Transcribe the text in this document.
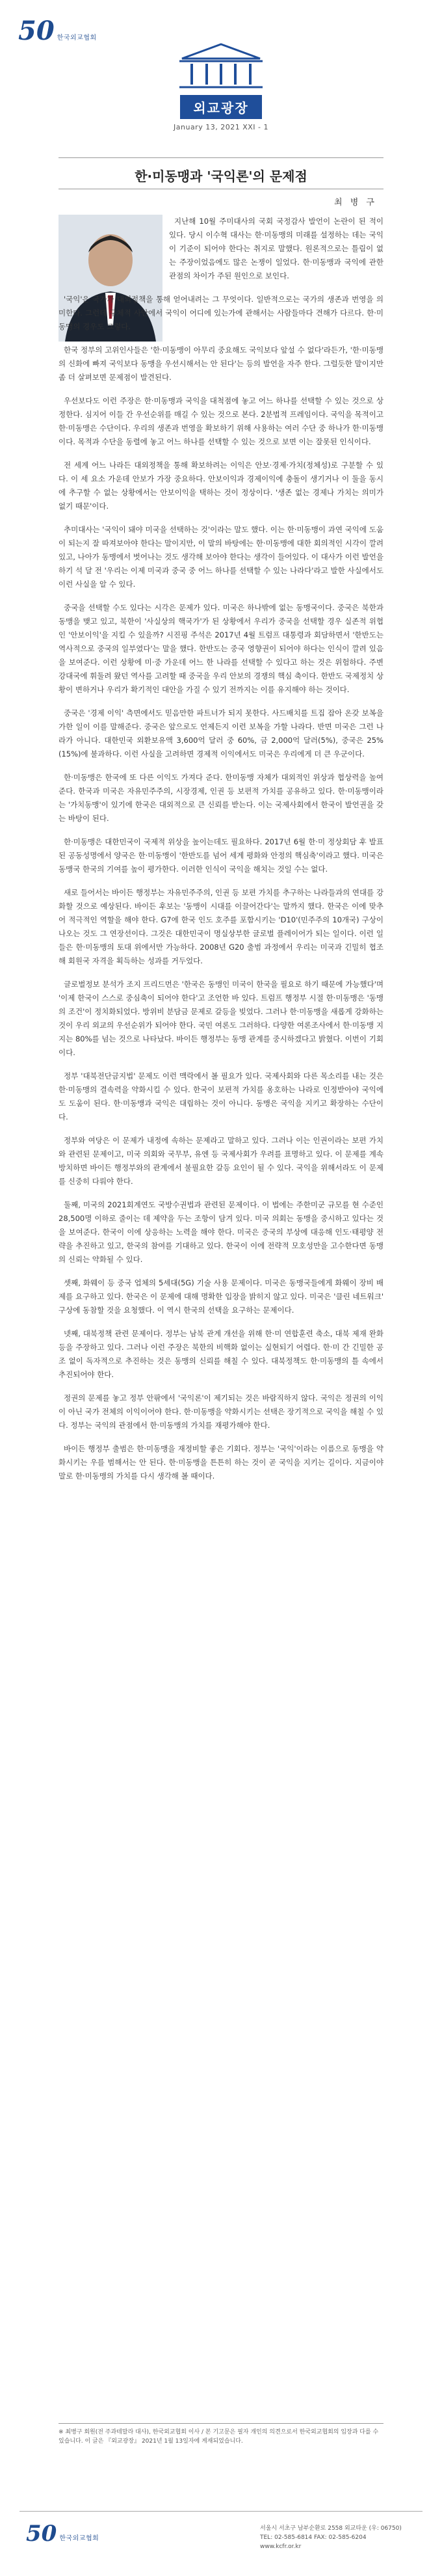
50 한국외교협회
외교광장
January 13, 2021 XXI - 1
한·미동맹과 '국익론'의 문제점
최 병 구

지난해 10월 주미대사의 국회 국정감사 발언이 논란이 된 적이 있다. 당시 이수혁 대사는 한·미동맹의 미래를 설정하는 데는 국익이 기준이 되어야 한다는 취지로 말했다. 원론적으로는 틀림이 없는 주장이었음에도 많은 논쟁이 일었다. 한·미동맹과 국익에 관한 관점의 차이가 주된 원인으로 보인다.

'국익'은 국가가 대외정책을 통해 얻어내려는 그 무엇이다. 일반적으로는 국가의 생존과 번영을 의미한다. 그런데 구체적 사안에서 국익이 어디에 있는가에 관해서는 사람들마다 견해가 다르다. 한·미동맹의 경우도 그렇다.

한국 정부의 고위인사들은 '한·미동맹이 아무리 중요해도 국익보다 앞설 수 없다'라든가, '한·미동맹의 신화에 빠져 국익보다 동맹을 우선시해서는 안 된다'는 등의 발언을 자주 한다. 그럴듯한 말이지만 좀 더 살펴보면 문제점이 발견된다.

우선보다도 이런 주장은 한·미동맹과 국익을 대척점에 놓고 어느 하나를 선택할 수 있는 것으로 상정한다. 심지어 이들 간 우선순위를 매길 수 있는 것으로 본다. 2분법적 프레임이다. 국익을 목적이고 한·미동맹은 수단이다. 우리의 생존과 번영을 확보하기 위해 사용하는 여러 수단 중 하나가 한·미동맹이다. 목적과 수단을 동렬에 놓고 어느 하나를 선택할 수 있는 것으로 보면 이는 잘못된 인식이다.

전 세계 어느 나라든 대외정책을 통해 확보하려는 이익은 안보·경제·가치(정체성)로 구분할 수 있다. 이 세 요소 가운데 안보가 가장 중요하다. 안보이익과 경제이익에 충돌이 생기거나 이 둘을 동시에 추구할 수 없는 상황에서는 안보이익을 택하는 것이 정상이다. '생존 없는 경제나 가치는 의미가 없기 때문'이다.

추미대사는 '국익이 돼야 미국을 선택하는 것'이라는 말도 했다. 이는 한·미동맹이 과연 국익에 도움이 되는지 잘 따져보아야 한다는 말이지만, 이 말의 바탕에는 한·미동맹에 대한 회의적인 시각이 깔려 있고, 나아가 동맹에서 벗어나는 것도 생각해 보아야 한다는 생각이 들어있다. 이 대사가 이런 발언을 하기 석 달 전 '우리는 이제 미국과 중국 중 어느 하나를 선택할 수 있는 나라다'라고 발한 사실에서도 이런 사실을 알 수 있다.

중국을 선택할 수도 있다는 시각은 문제가 있다. 미국은 하나밖에 없는 동맹국이다. 중국은 북한과 동맹을 맺고 있고, 북한이 '사실상의 핵국가'가 된 상황에서 우리가 중국을 선택할 경우 실존적 위협인 '안보이익'을 지킬 수 있을까? 시진핑 주석은 2017년 4월 트럼프 대통령과 회담하면서 '한반도는 역사적으로 중국의 일부였다'는 말을 했다. 한반도는 중국 영향권이 되어야 하다는 인식이 깔려 있음을 보여준다. 이런 상황에 미·중 가운데 어느 한 나라를 선택할 수 있다고 하는 것은 위험하다. 주변 강대국에 휘둘려 왔던 역사를 고려할 때 중국을 우리 안보의 경쟁의 핵심 축이다. 한반도 국제정치 상황이 변하거나 우리가 확기적인 대안을 가질 수 있기 전까지는 이를 유지해야 하는 것이다.

중국은 '경제 이익' 측면에서도 믿음만한 파트너가 되지 못한다. 사드배치를 트집 잡아 온갖 보복을 가한 일이 이를 말해준다. 중국은 앞으로도 언제든지 이런 보복을 가할 나라다. 반면 미국은 그런 나라가 아니다. 대한민국 외환보유액 3,600억 달러 중 60%, 금 2,000억 달러(5%), 중국은 25% (15%)에 불과하다. 이런 사실을 고려하면 경제적 이익에서도 미국은 우리에게 더 큰 우군이다.

한·미동맹은 한국에 또 다른 이익도 가져다 준다. 한미동맹 자체가 대외적인 위상과 협상력을 높여준다. 한국과 미국은 자유민주주의, 시장경제, 인권 등 보편적 가치를 공유하고 있다. 한·미동맹이라는 '가치동맹'이 있기에 한국은 대외적으로 큰 신뢰를 받는다. 이는 국제사회에서 한국이 발언권을 갖는 바탕이 된다.

한·미동맹은 대한민국이 국제적 위상을 높이는데도 필요하다. 2017년 6월 한·미 정상회담 후 발표된 공동성명에서 양국은 한·미동맹이 '한반도를 넘어 세계 평화와 안정의 핵심축'이라고 했다. 미국은 동맹국 한국의 기여를 높이 평가한다. 이러한 인식이 국익을 해치는 것일 수는 없다.

새로 들어서는 바이든 행정부는 자유민주주의, 인권 등 보편 가치를 추구하는 나라들과의 연대를 강화할 것으로 예상된다. 바이든 후보는 '동맹이 시대를 이끌어간다'는 말까지 했다. 한국은 이에 맞추어 적극적인 역할을 해야 한다. G7에 한국 인도 호주를 포함시키는 'D10'(민주주의 10개국) 구상이 나오는 것도 그 연장선이다. 그것은 대한민국이 명실상부한 글로벌 플레이어가 되는 일이다. 이런 일들은 한·미동맹의 토대 위에서만 가능하다. 2008년 G20 출범 과정에서 우리는 미국과 긴밀히 협조해 회원국 자격을 획득하는 성과를 거두었다.

글로벌정보 분석가 조지 프리드먼은 '한국은 동맹인 미국이 한국을 필요로 하기 때문에 가능했다'며 '이제 한국이 스스로 중심축이 되어야 한다'고 조언한 바 있다. 트럼프 행정부 시절 한·미동맹은 '동맹의 조건'이 정치화되었다. 방위비 분담금 문제로 갈등을 빚었다. 그러나 한·미동맹을 새롭게 강화하는 것이 우리 외교의 우선순위가 되어야 한다. 국민 여론도 그러하다. 다양한 여론조사에서 한·미동맹 지지는 80%를 넘는 것으로 나타났다. 바이든 행정부는 동맹 관계를 중시하겠다고 밝혔다. 이번이 기회이다.

정부 '대북전단금지법' 문제도 이런 맥락에서 볼 필요가 있다. 국제사회와 다른 목소리를 내는 것은 한·미동맹의 결속력을 약화시킬 수 있다. 한국이 보편적 가치를 옹호하는 나라로 인정받아야 국익에도 도움이 된다. 한·미동맹과 국익은 대립하는 것이 아니다. 동맹은 국익을 지키고 확장하는 수단이다.

정부와 여당은 이 문제가 내정에 속하는 문제라고 말하고 있다. 그러나 이는 인권이라는 보편 가치와 관련된 문제이고, 미국 의회와 국무부, 유엔 등 국제사회가 우려를 표명하고 있다. 이 문제를 계속 방치하면 바이든 행정부와의 관계에서 불필요한 갈등 요인이 될 수 있다. 국익을 위해서라도 이 문제를 신중히 다뤄야 한다.

둘째, 미국의 2021회계연도 국방수권법과 관련된 문제이다. 이 법에는 주한미군 규모를 현 수준인 28,500명 이하로 줄이는 데 제약을 두는 조항이 담겨 있다. 미국 의회는 동맹을 중시하고 있다는 것을 보여준다. 한국이 이에 상응하는 노력을 해야 한다. 미국은 중국의 부상에 대응해 인도·태평양 전략을 추진하고 있고, 한국의 참여를 기대하고 있다. 한국이 이에 전략적 모호성만을 고수한다면 동맹의 신뢰는 약화될 수 있다.

셋째, 화웨이 등 중국 업체의 5세대(5G) 기술 사용 문제이다. 미국은 동맹국들에게 화웨이 장비 배제를 요구하고 있다. 한국은 이 문제에 대해 명확한 입장을 밝히지 않고 있다. 미국은 '클린 네트워크' 구상에 동참할 것을 요청했다. 이 역시 한국의 선택을 요구하는 문제이다.

넷째, 대북정책 관련 문제이다. 정부는 남북 관계 개선을 위해 한·미 연합훈련 축소, 대북 제재 완화 등을 주장하고 있다. 그러나 이런 주장은 북한의 비핵화 없이는 실현되기 어렵다. 한·미 간 긴밀한 공조 없이 독자적으로 추진하는 것은 동맹의 신뢰를 해칠 수 있다. 대북정책도 한·미동맹의 틀 속에서 추진되어야 한다.

정권의 문제를 놓고 정부 안팎에서 '국익론'이 제기되는 것은 바람직하지 않다. 국익은 정권의 이익이 아닌 국가 전체의 이익이어야 한다. 한·미동맹을 약화시키는 선택은 장기적으로 국익을 해칠 수 있다. 정부는 국익의 관점에서 한·미동맹의 가치를 재평가해야 한다.

바이든 행정부 출범은 한·미동맹을 재정비할 좋은 기회다. 정부는 '국익'이라는 이름으로 동맹을 약화시키는 우를 범해서는 안 된다. 한·미동맹을 튼튼히 하는 것이 곧 국익을 지키는 길이다. 지금이야말로 한·미동맹의 가치를 다시 생각해 볼 때이다.

※ 최병구 회원(전 주과테말라 대사), 한국외교협회 이사 / 본 기고문은 필자 개인의 의견으로서 한국외교협회의 입장과 다를 수 있습니다. 이 글은 『외교광장』 2021년 1월 13일자에 게재되었습니다.
50 한국외교협회
서울시 서초구 남부순환로 2558 외교타운 (우: 06750)
TEL: 02-585-6814 FAX: 02-585-6204
www.kcfr.or.kr
